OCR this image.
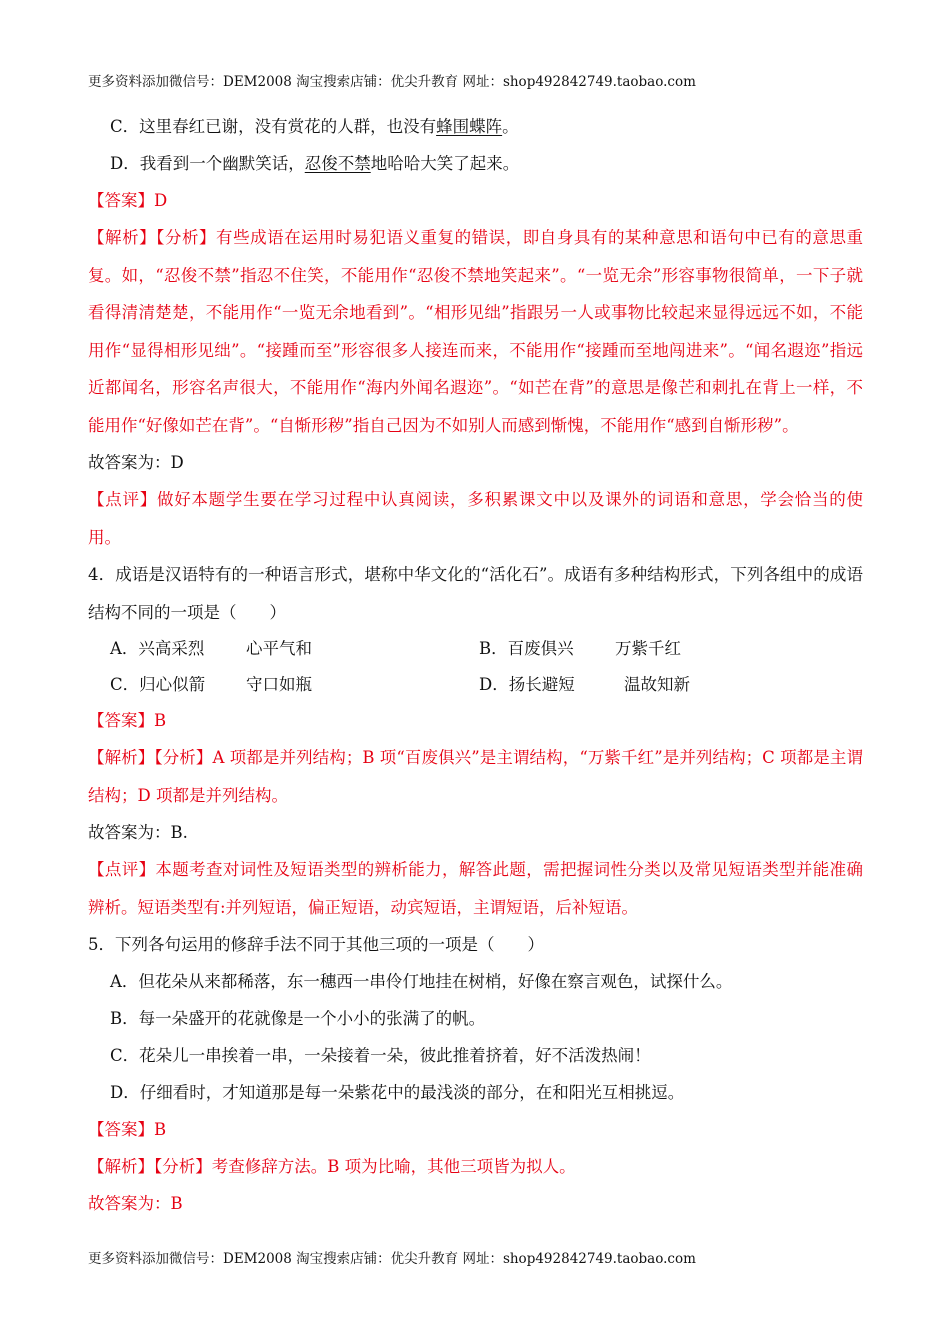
更多资料添加微信号：DEM2008 淘宝搜索店铺：优尖升教育 网址：shop492842749.taobao.com
C．这里春红已谢，没有赏花的人群，也没有蜂围蝶阵。
D．我看到一个幽默笑话，忍俊不禁地哈哈大笑了起来。
【答案】D
【解析】【分析】有些成语在运用时易犯语义重复的错误，即自身具有的某种意思和语句中已有的意思重复。如，“忍俊不禁”指忍不住笑，不能用作“忍俊不禁地笑起来”。“一览无余”形容事物很简单，一下子就看得清清楚楚，不能用作“一览无余地看到”。“相形见绌”指跟另一人或事物比较起来显得远远不如，不能用作“显得相形见绌”。“接踵而至”形容很多人接连而来，不能用作“接踵而至地闯进来”。“闻名遐迩”指远近都闻名，形容名声很大，不能用作“海内外闻名遐迩”。“如芒在背”的意思是像芒和刺扎在背上一样，不能用作“好像如芒在背”。“自惭形秽”指自己因为不如别人而感到惭愧，不能用作“感到自惭形秽”。
故答案为：D
【点评】做好本题学生要在学习过程中认真阅读，多积累课文中以及课外的词语和意思，学会恰当的使用。
4．成语是汉语特有的一种语言形式，堪称中华文化的“活化石”。成语有多种结构形式，下列各组中的成语结构不同的一项是（　　）
A．兴高采烈	心平气和	B．百废俱兴	万紫千红
C．归心似箭 守口如瓶	D．扬长避短	温故知新
【答案】B
【解析】【分析】A 项都是并列结构；B 项“百废俱兴”是主谓结构，“万紫千红”是并列结构；C 项都是主谓结构；D 项都是并列结构。
故答案为：B.
【点评】本题考查对词性及短语类型的辨析能力，解答此题，需把握词性分类以及常见短语类型并能准确辨析。短语类型有:并列短语，偏正短语，动宾短语，主谓短语，后补短语。
5．下列各句运用的修辞手法不同于其他三项的一项是（　　）
A．但花朵从来都稀落，东一穗西一串伶仃地挂在树梢，好像在察言观色，试探什么。
B．每一朵盛开的花就像是一个小小的张满了的帆。
C．花朵儿一串挨着一串，一朵接着一朵，彼此推着挤着，好不活泼热闹！
D．仔细看时，才知道那是每一朵紫花中的最浅淡的部分，在和阳光互相挑逗。
【答案】B
【解析】【分析】考查修辞方法。B 项为比喻，其他三项皆为拟人。
故答案为：B
更多资料添加微信号：DEM2008 淘宝搜索店铺：优尖升教育 网址：shop492842749.taobao.com
